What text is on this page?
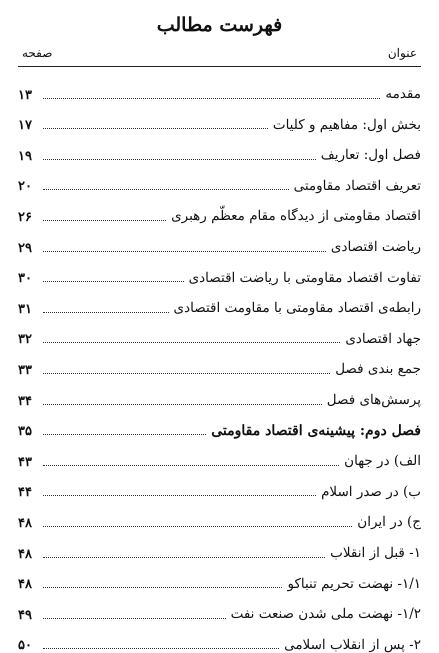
فهرست مطالب
عنوان
صفحه
مقدمه
۱۳
بخش اول: مفاهیم و کلیات
۱۷
فصل اول: تعاریف
۱۹
تعریف اقتصاد مقاومتی
۲۰
اقتصاد مقاومتی از دیدگاه مقام معظّم رهبری
۲۶
ریاضت اقتصادی
۲۹
تفاوت اقتصاد مقاومتی با ریاضت اقتصادی
۳۰
رابطه‌ی اقتصاد مقاومتی با مقاومت اقتصادی
۳۱
جهاد اقتصادی
۳۲
جمع بندی فصل
۳۳
پرسش‌های فصل
۳۴
فصل دوم: پیشینه‌ی اقتصاد مقاومتی
۳۵
الف) در جهان
۴۳
ب) در صدر اسلام
۴۴
ج) در ایران
۴۸
۱- قبل از انقلاب
۴۸
۱/۱- نهضت تحریم تنباکو
۴۸
۱/۲- نهضت ملی شدن صنعت نفت
۴۹
۲- پس از انقلاب اسلامی
۵۰
